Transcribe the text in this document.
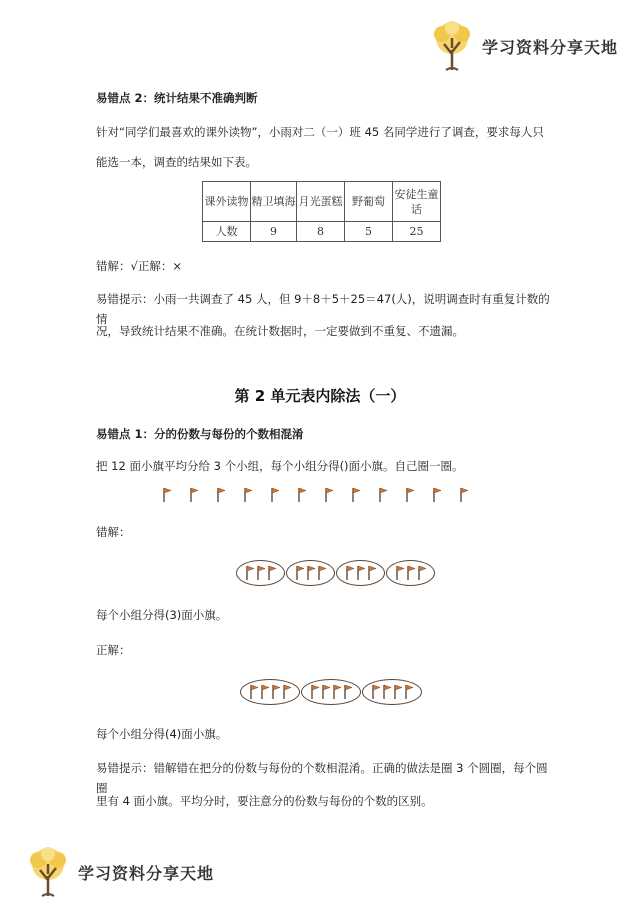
学习资料分享天地
易错点 2：统计结果不准确判断
针对“同学们最喜欢的课外读物”，小雨对二（一）班 45 名同学进行了调查，要求每人只
能选一本，调查的结果如下表。
课外读物	精卫填海	月光蛋糕	野葡萄	安徒生童话
人数	9	8	5	25
错解：√正解：×
易错提示：小雨一共调查了 45 人，但 9＋8＋5＋25＝47(人)，说明调查时有重复计数的情
况，导致统计结果不准确。在统计数据时，一定要做到不重复、不遗漏。
第 2 单元表内除法（一）
易错点 1：分的份数与每份的个数相混淆
把 12 面小旗平均分给 3 个小组，每个小组分得()面小旗。自己圈一圈。
错解：
每个小组分得(3)面小旗。
正解：
每个小组分得(4)面小旗。
易错提示：错解错在把分的份数与每份的个数相混淆。正确的做法是圈 3 个圆圈，每个圆圈
里有 4 面小旗。平均分时，要注意分的份数与每份的个数的区别。
学习资料分享天地
